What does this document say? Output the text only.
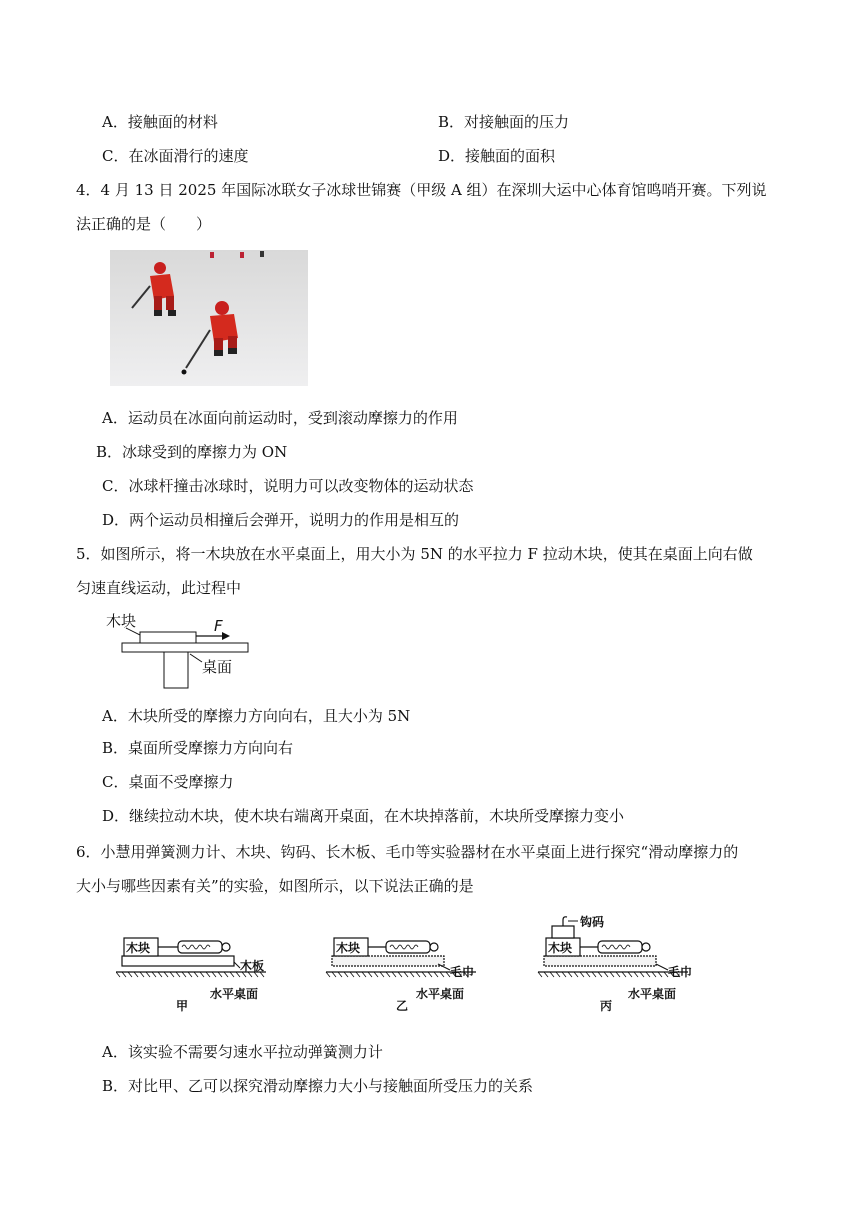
A．接触面的材料	B．对接触面的压力
C．在冰面滑行的速度	D．接触面的面积
4．4 月 13 日 2025 年国际冰联女子冰球世锦赛（甲级 A 组）在深圳大运中心体育馆鸣哨开赛。下列说
法正确的是（　　）
A．运动员在冰面向前运动时，受到滚动摩擦力的作用
B．冰球受到的摩擦力为 ON
C．冰球杆撞击冰球时，说明力可以改变物体的运动状态
D．两个运动员相撞后会弹开，说明力的作用是相互的
5．如图所示，将一木块放在水平桌面上，用大小为 5N 的水平拉力 F 拉动木块，使其在桌面上向右做
匀速直线运动，此过程中
木块	F
桌面
A．木块所受的摩擦力方向向右，且大小为 5N
B．桌面所受摩擦力方向向右
C．桌面不受摩擦力
D．继续拉动木块，使木块右端离开桌面，在木块掉落前，木块所受摩擦力变小
6．小慧用弹簧测力计、木块、钩码、长木板、毛巾等实验器材在水平桌面上进行探究“滑动摩擦力的
大小与哪些因素有关”的实验，如图所示，以下说法正确的是
木块
木板
水平桌面
甲
木块
毛巾
水平桌面
乙
木块
钩码
毛巾
水平桌面
丙
A．该实验不需要匀速水平拉动弹簧测力计
B．对比甲、乙可以探究滑动摩擦力大小与接触面所受压力的关系
